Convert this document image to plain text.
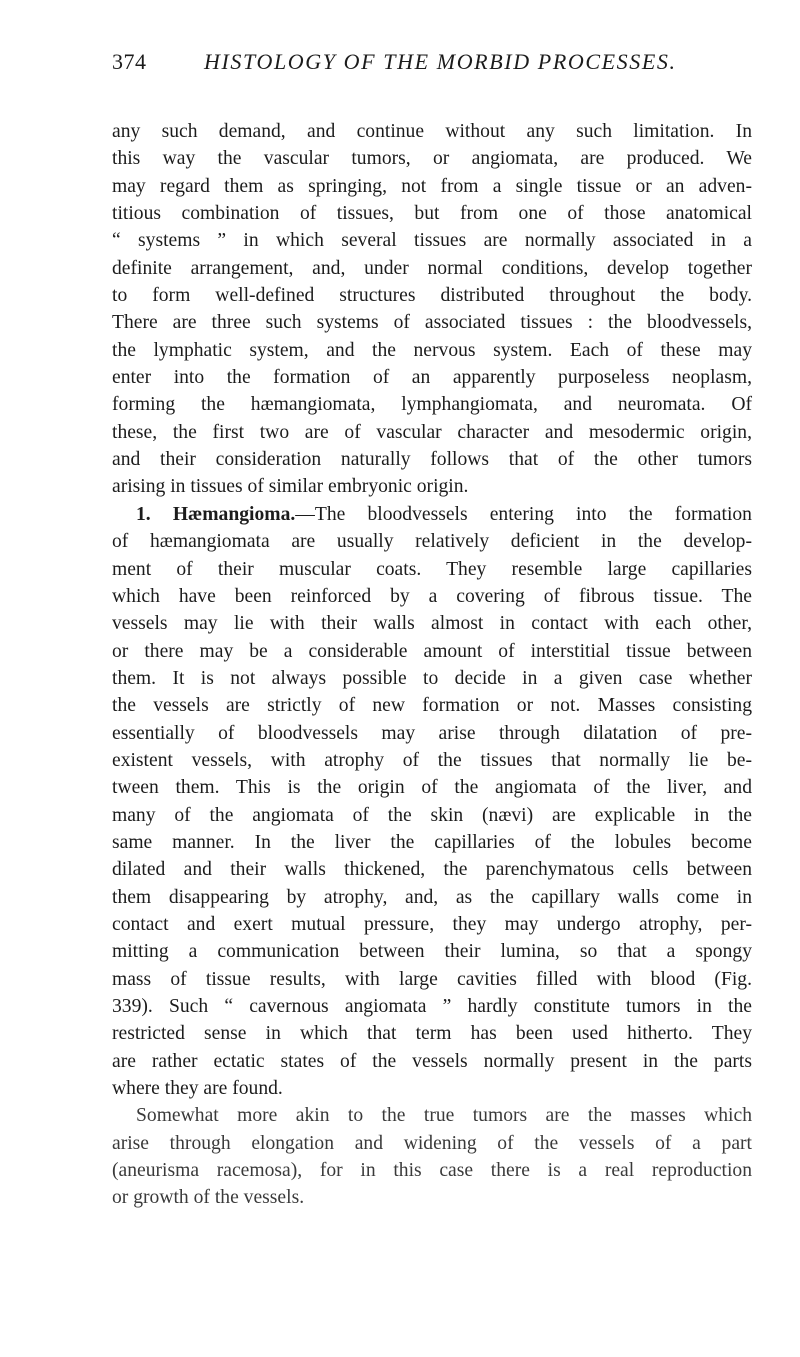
374	HISTOLOGY OF THE MORBID PROCESSES.
any such demand, and continue without any such limitation. In
this way the vascular tumors, or angiomata, are produced. We
may regard them as springing, not from a single tissue or an adven-
titious combination of tissues, but from one of those anatomical
“ systems ” in which several tissues are normally associated in a
definite arrangement, and, under normal conditions, develop together
to form well-defined structures distributed throughout the body.
There are three such systems of associated tissues : the bloodvessels,
the lymphatic system, and the nervous system. Each of these may
enter into the formation of an apparently purposeless neoplasm,
forming the hæmangiomata, lymphangiomata, and neuromata. Of
these, the first two are of vascular character and mesodermic origin,
and their consideration naturally follows that of the other tumors
arising in tissues of similar embryonic origin.
1. Hæmangioma.—The bloodvessels entering into the formation
of hæmangiomata are usually relatively deficient in the develop-
ment of their muscular coats. They resemble large capillaries
which have been reinforced by a covering of fibrous tissue. The
vessels may lie with their walls almost in contact with each other,
or there may be a considerable amount of interstitial tissue between
them. It is not always possible to decide in a given case whether
the vessels are strictly of new formation or not. Masses consisting
essentially of bloodvessels may arise through dilatation of pre-
existent vessels, with atrophy of the tissues that normally lie be-
tween them. This is the origin of the angiomata of the liver, and
many of the angiomata of the skin (nævi) are explicable in the
same manner. In the liver the capillaries of the lobules become
dilated and their walls thickened, the parenchymatous cells between
them disappearing by atrophy, and, as the capillary walls come in
contact and exert mutual pressure, they may undergo atrophy, per-
mitting a communication between their lumina, so that a spongy
mass of tissue results, with large cavities filled with blood (Fig.
339). Such “ cavernous angiomata ” hardly constitute tumors in the
restricted sense in which that term has been used hitherto. They
are rather ectatic states of the vessels normally present in the parts
where they are found.
Somewhat more akin to the true tumors are the masses which
arise through elongation and widening of the vessels of a part
(aneurisma racemosa), for in this case there is a real reproduction
or growth of the vessels.
